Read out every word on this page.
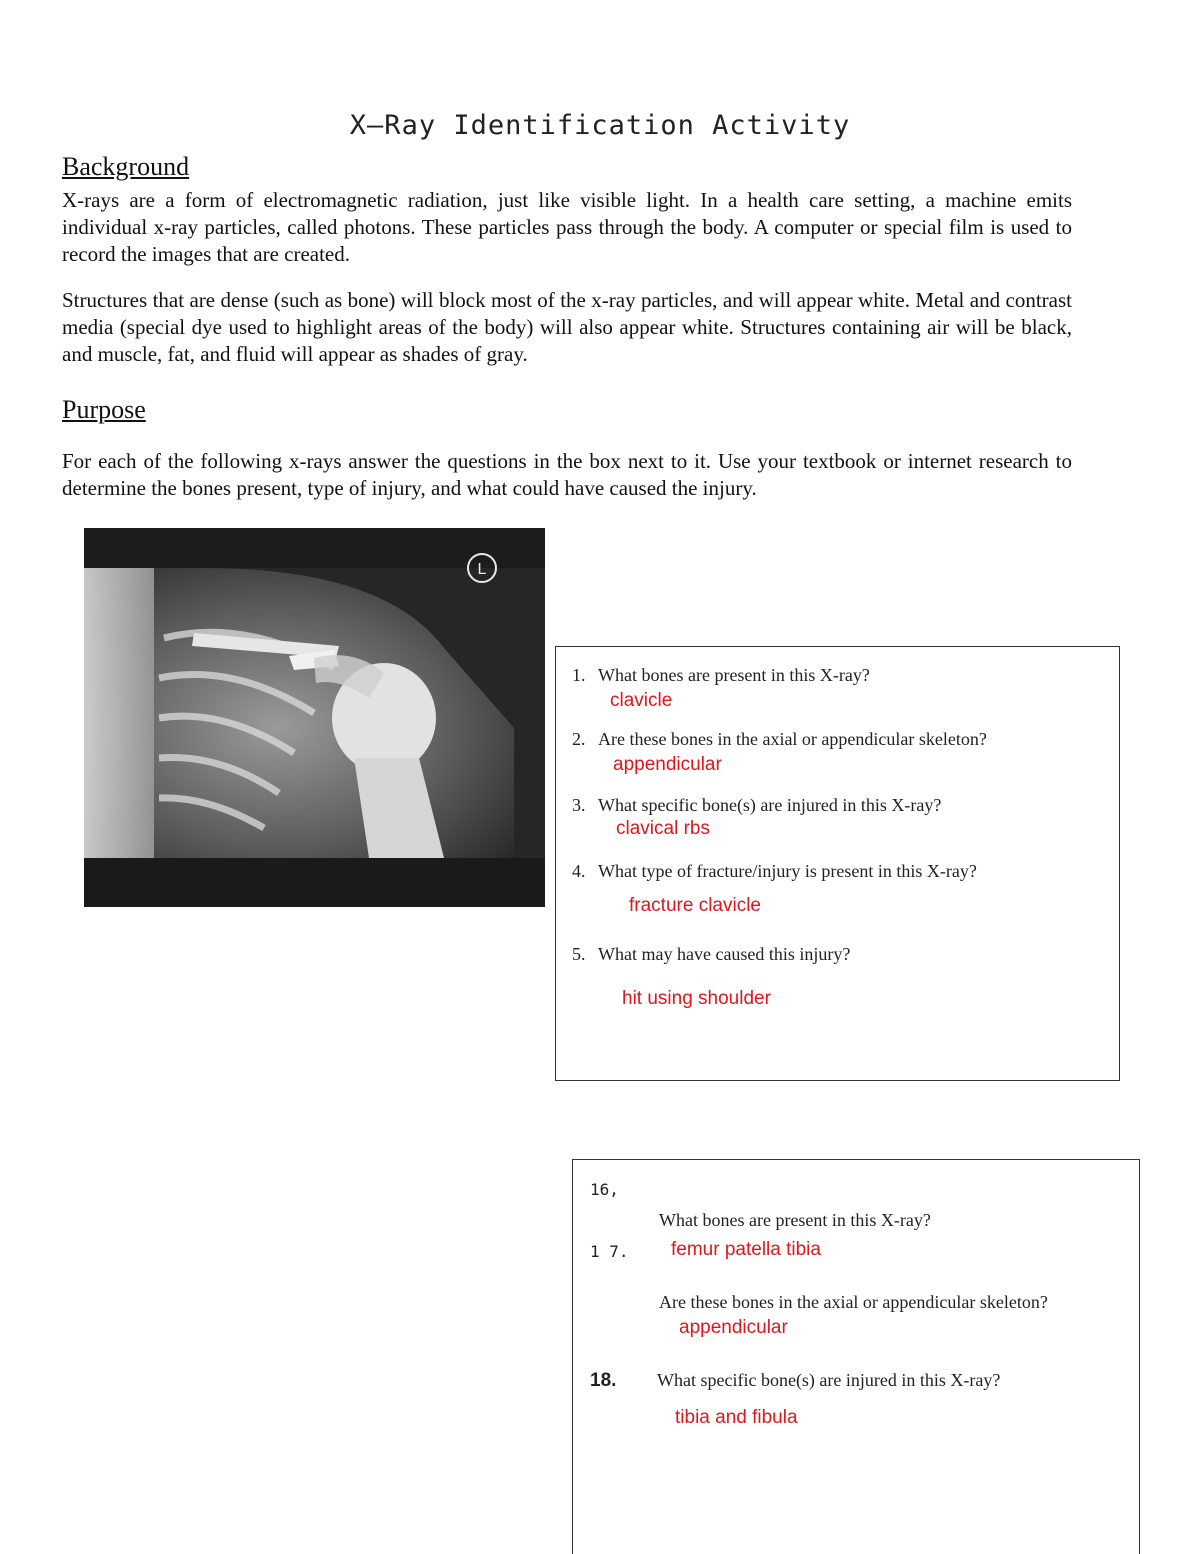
X—Ray Identification Activity
Background

X-rays are a form of electromagnetic radiation, just like visible light. In a health care setting, a machine emits individual x-ray particles, called photons. These particles pass through the body. A computer or special film is used to record the images that are created.

Structures that are dense (such as bone) will block most of the x-ray particles, and will appear white. Metal and contrast media (special dye used to highlight areas of the body) will also appear white. Structures containing air will be black, and muscle, fat, and fluid will appear as shades of gray.

Purpose

For each of the following x-rays answer the questions in the box next to it. Use your textbook or internet research to determine the bones present, type of injury, and what could have caused the injury.

L
1. What bones are present in this X-ray?
clavicle
2. Are these bones in the axial or appendicular skeleton?
appendicular
3. What specific bone(s) are injured in this X-ray?
clavical rbs
4. What type of fracture/injury is present in this X-ray?
fracture clavicle
5. What may have caused this injury?
hit using shoulder
16,
What bones are present in this X-ray?
1 7. femur patella tibia
Are these bones in the axial or appendicular skeleton?
appendicular
18. What specific bone(s) are injured in this X-ray?
tibia and fibula
